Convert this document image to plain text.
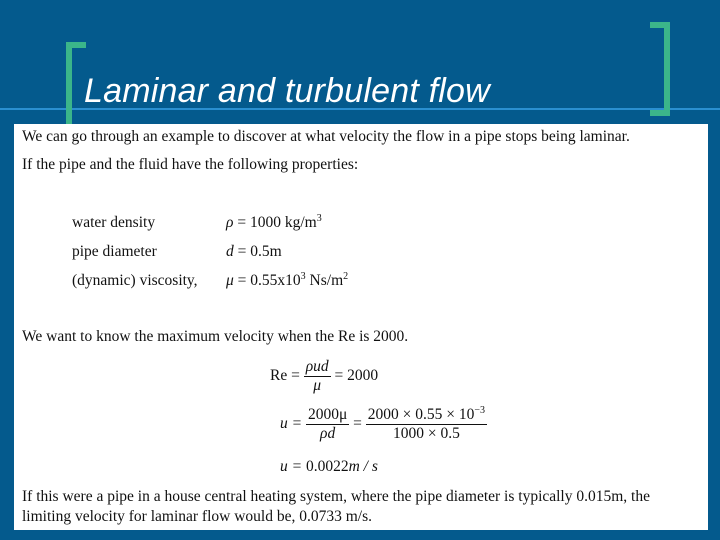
Laminar and turbulent flow
We can go through an example to discover at what velocity the flow in a pipe stops being laminar.
If the pipe and the fluid have the following properties:
water density	ρ = 1000 $kg/m^3$
pipe diameter	d = 0.5m
(dynamic) viscosity, $\mu = 0.55x10^3$ $Ns/m^2$
We want to know the maximum velocity when the Re is 2000.
$Re = \frac{\text{ρud}}{\mu} = 2000$
$u = \frac{2000\mu}{\rho d} = \frac{2000 \times 0.55 \times 10^{-3}}{1000 \times 0.5}$
u = 0.0022m / s
If this were a pipe in a house central heating system, where the pipe diameter is typically 0.015m, the
limiting velocity for laminar flow would be, 0.0733 m/s.
